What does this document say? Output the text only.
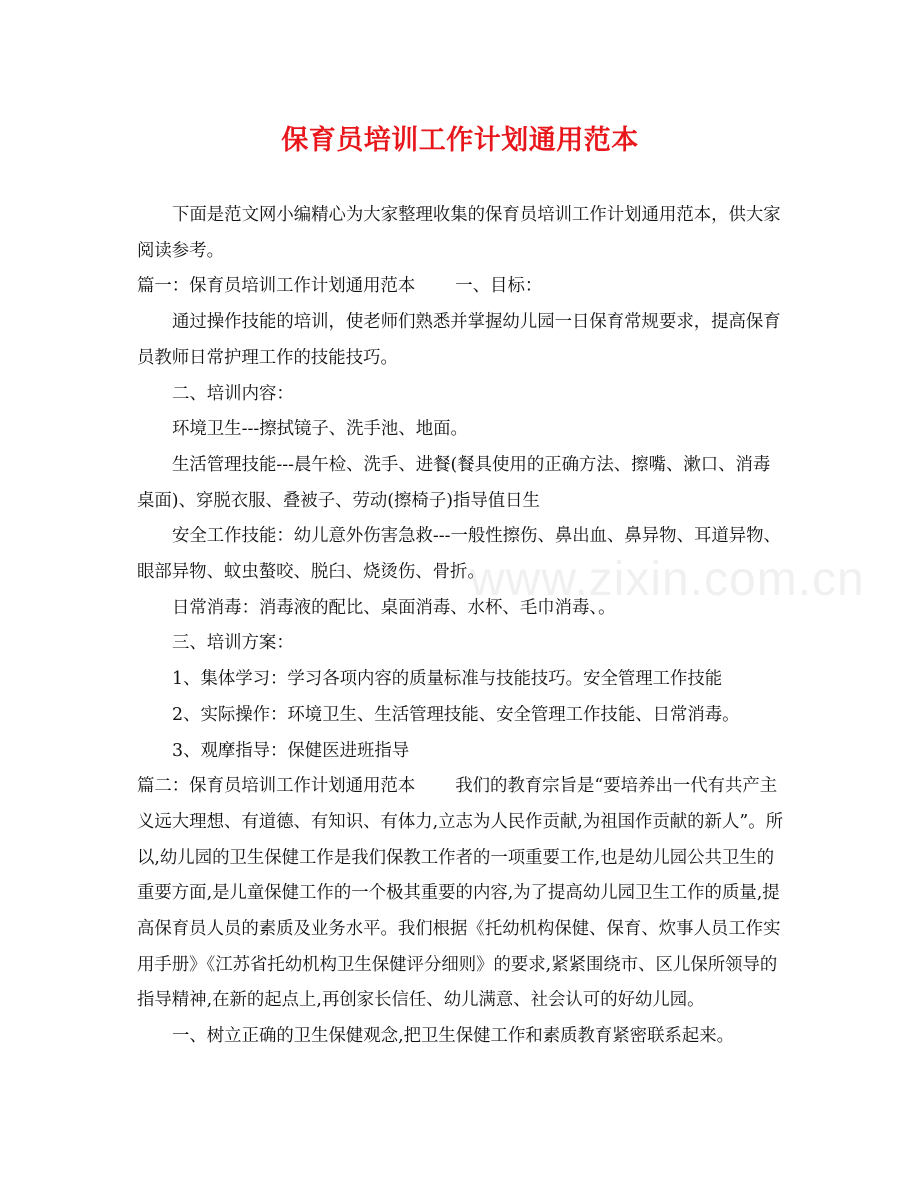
保育员培训工作计划通用范本
www.zixin.com.cn

下面是范文网小编精心为大家整理收集的保育员培训工作计划通用范本，供大家阅读参考。

篇一：保育员培训工作计划通用范本 一、目标：

通过操作技能的培训，使老师们熟悉并掌握幼儿园一日保育常规要求，提高保育员教师日常护理工作的技能技巧。

二、培训内容：

环境卫生---擦拭镜子、洗手池、地面。

生活管理技能---晨午检、洗手、进餐(餐具使用的正确方法、擦嘴、漱口、消毒桌面)、穿脱衣服、叠被子、劳动(擦椅子)指导值日生

安全工作技能：幼儿意外伤害急救---一般性擦伤、鼻出血、鼻异物、耳道异物、眼部异物、蚊虫螯咬、脱臼、烧烫伤、骨折。

日常消毒：消毒液的配比、桌面消毒、水杯、毛巾消毒、。

三、培训方案：

1、集体学习：学习各项内容的质量标准与技能技巧。安全管理工作技能

2、实际操作：环境卫生、生活管理技能、安全管理工作技能、日常消毒。

3、观摩指导：保健医进班指导

篇二：保育员培训工作计划通用范本 我们的教育宗旨是“要培养出一代有共产主义远大理想、有道德、有知识、有体力,立志为人民作贡献,为祖国作贡献的新人”。所以,幼儿园的卫生保健工作是我们保教工作者的一项重要工作,也是幼儿园公共卫生的重要方面,是儿童保健工作的一个极其重要的内容,为了提高幼儿园卫生工作的质量,提高保育员人员的素质及业务水平。我们根据《托幼机构保健、保育、炊事人员工作实用手册》《江苏省托幼机构卫生保健评分细则》的要求,紧紧围绕市、区儿保所领导的指导精神,在新的起点上,再创家长信任、幼儿满意、社会认可的好幼儿园。

一、树立正确的卫生保健观念,把卫生保健工作和素质教育紧密联系起来。
